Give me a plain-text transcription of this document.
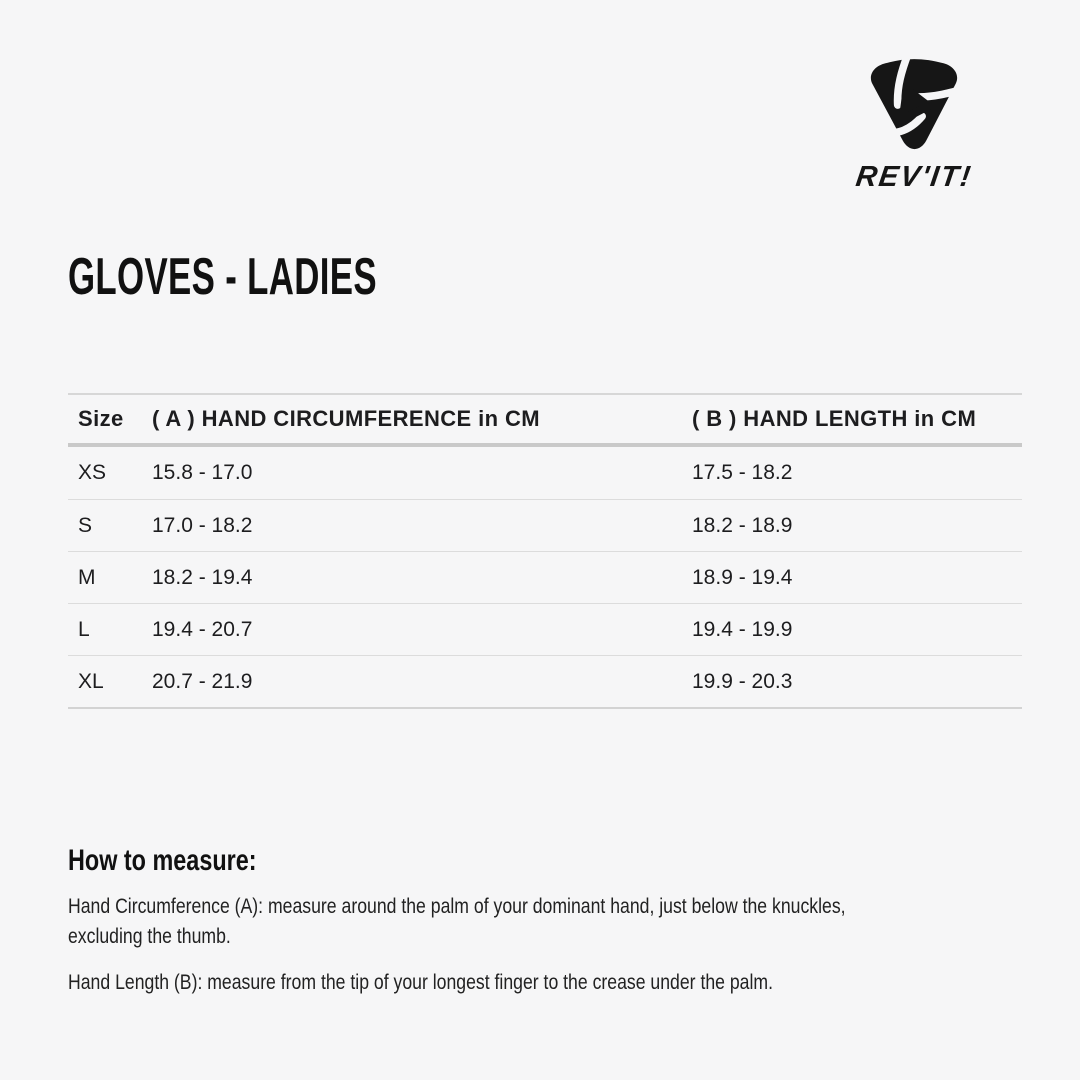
REV'IT!
GLOVES - LADIES
Size	( A ) HAND CIRCUMFERENCE in CM	( B ) HAND LENGTH in CM
XS	15.8 - 17.0	17.5 - 18.2
S	17.0 - 18.2	18.2 - 18.9
M	18.2 - 19.4	18.9 - 19.4
L	19.4 - 20.7	19.4 - 19.9
XL	20.7 - 21.9	19.9 - 20.3
How to measure:

Hand Circumference (A): measure around the palm of your dominant hand, just below the knuckles, excluding the thumb.

Hand Length (B): measure from the tip of your longest finger to the crease under the palm.
